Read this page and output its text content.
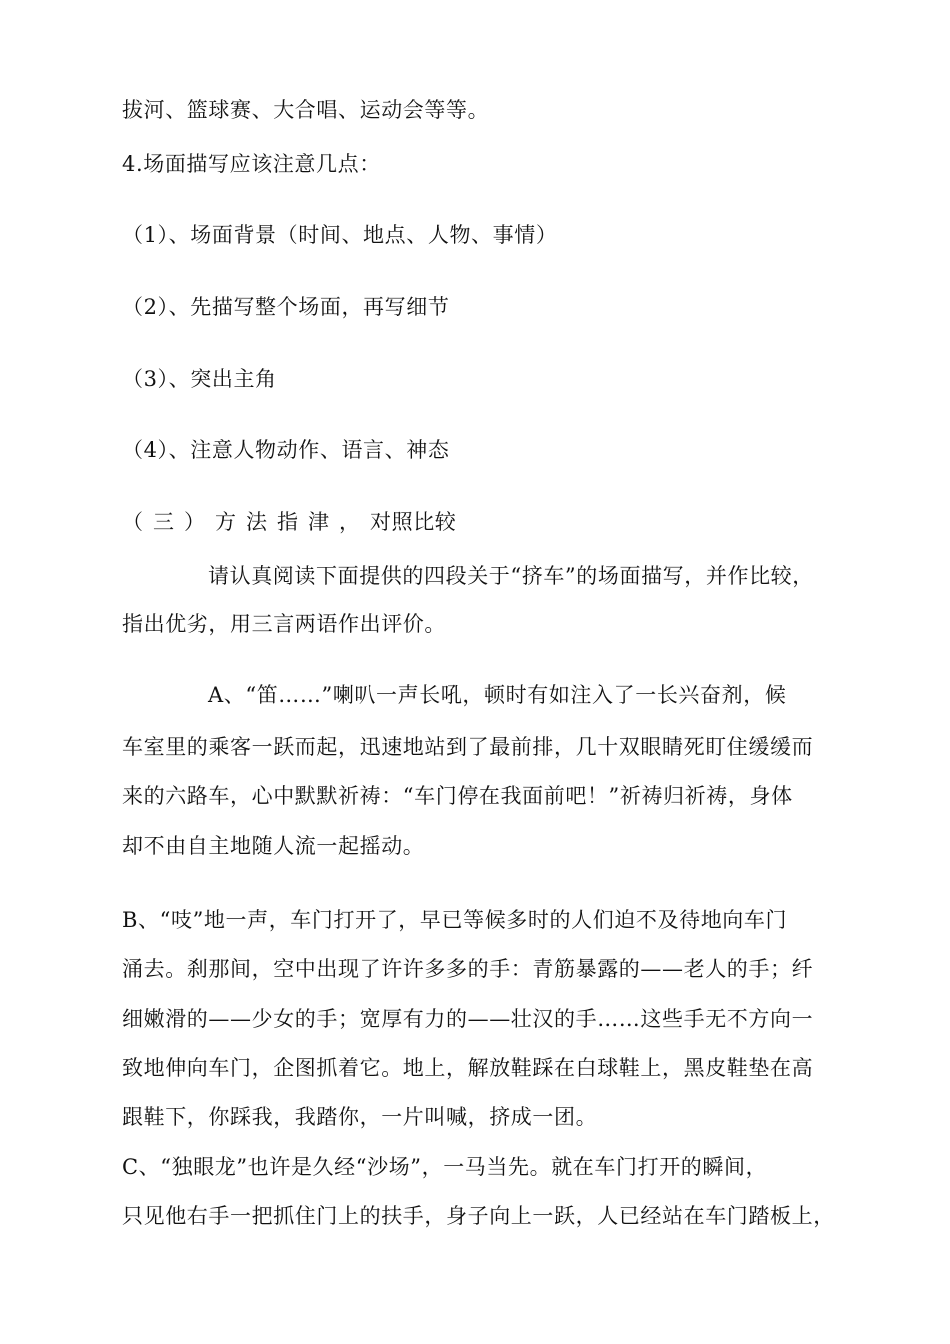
拔河、篮球赛、大合唱、运动会等等。
4.场面描写应该注意几点：
（1）、场面背景（时间、地点、人物、事情）
（2）、先描写整个场面，再写细节
（3）、突出主角
（4）、注意人物动作、语言、神态
（三）方法指津，对照比较
请认真阅读下面提供的四段关于“挤车”的场面描写，并作比较，
指出优劣，用三言两语作出评价。
A、“笛……”喇叭一声长吼，顿时有如注入了一长兴奋剂，候
车室里的乘客一跃而起，迅速地站到了最前排，几十双眼睛死盯住缓缓而
来的六路车，心中默默祈祷：“车门停在我面前吧！”祈祷归祈祷，身体
却不由自主地随人流一起摇动。
B、“吱”地一声，车门打开了，早已等候多时的人们迫不及待地向车门
涌去。刹那间，空中出现了许许多多的手：青筋暴露的——老人的手；纤
细嫩滑的——少女的手；宽厚有力的——壮汉的手……这些手无不方向一
致地伸向车门，企图抓着它。地上，解放鞋踩在白球鞋上，黑皮鞋垫在高
跟鞋下，你踩我，我踏你，一片叫喊，挤成一团。
C、“独眼龙”也许是久经“沙场”，一马当先。就在车门打开的瞬间，
只见他右手一把抓住门上的扶手，身子向上一跃，人已经站在车门踏板上，
